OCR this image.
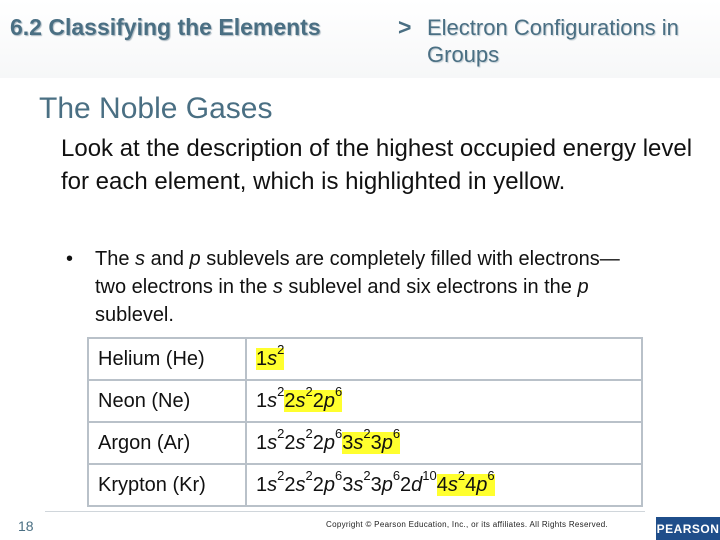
6.2 Classifying the Elements	> Electron Configurations in Groups
The Noble Gases
Look at the description of the highest occupied energy level for each element, which is highlighted in yellow.
•	The s and p sublevels are completely filled with electrons—two electrons in the s sublevel and six electrons in the p sublevel.
Helium (He)	$1s^2$
Neon (Ne)	$1s^22s^22p^6$
Argon (Ar)	$1s^22s^22p^63s^23p^6$
Krypton (Kr)	$1s^22s^22p^63s^23p^62d^{10}4s^24p^6$
18	Copyright © Pearson Education, Inc., or its affiliates. All Rights Reserved.	PEARSON
